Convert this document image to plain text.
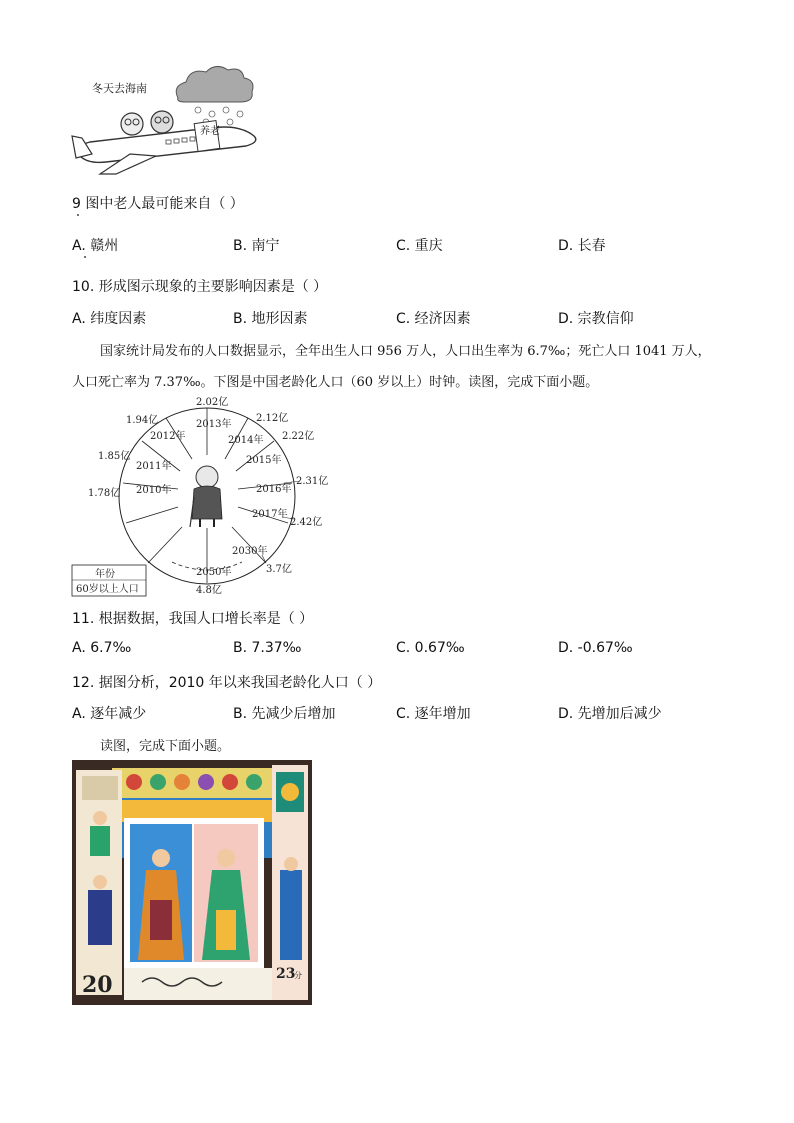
冬天去海南
养老
9 图中老人最可能来自（ ）
A. 赣州	B. 南宁	C. 重庆	D. 长春
10. 形成图示现象的主要影响因素是（ ）
A. 纬度因素	B. 地形因素	C. 经济因素	D. 宗教信仰
国家统计局发布的人口数据显示，全年出生人口 956 万人，人口出生率为 6.7‰；死亡人口 1041 万人，
人口死亡率为 7.37‰。下图是中国老龄化人口（60 岁以上）时钟。读图，完成下面小题。
2010年
2011年
2012年
2013年
2014年
2015年
2016年
2017年
2030年
2050年
1.78亿
1.85亿
1.94亿
2.02亿
2.12亿
2.22亿
2.31亿
2.42亿
3.7亿
4.8亿
年份
60岁以上人口
11. 根据数据，我国人口增长率是（ ）
A. 6.7‰	B. 7.37‰	C. 0.67‰	D. -0.67‰
12. 据图分析，2010 年以来我国老龄化人口（ ）
A. 逐年减少	B. 先减少后增加	C. 逐年增加	D. 先增加后减少
读图，完成下面小题。
20	23
分
